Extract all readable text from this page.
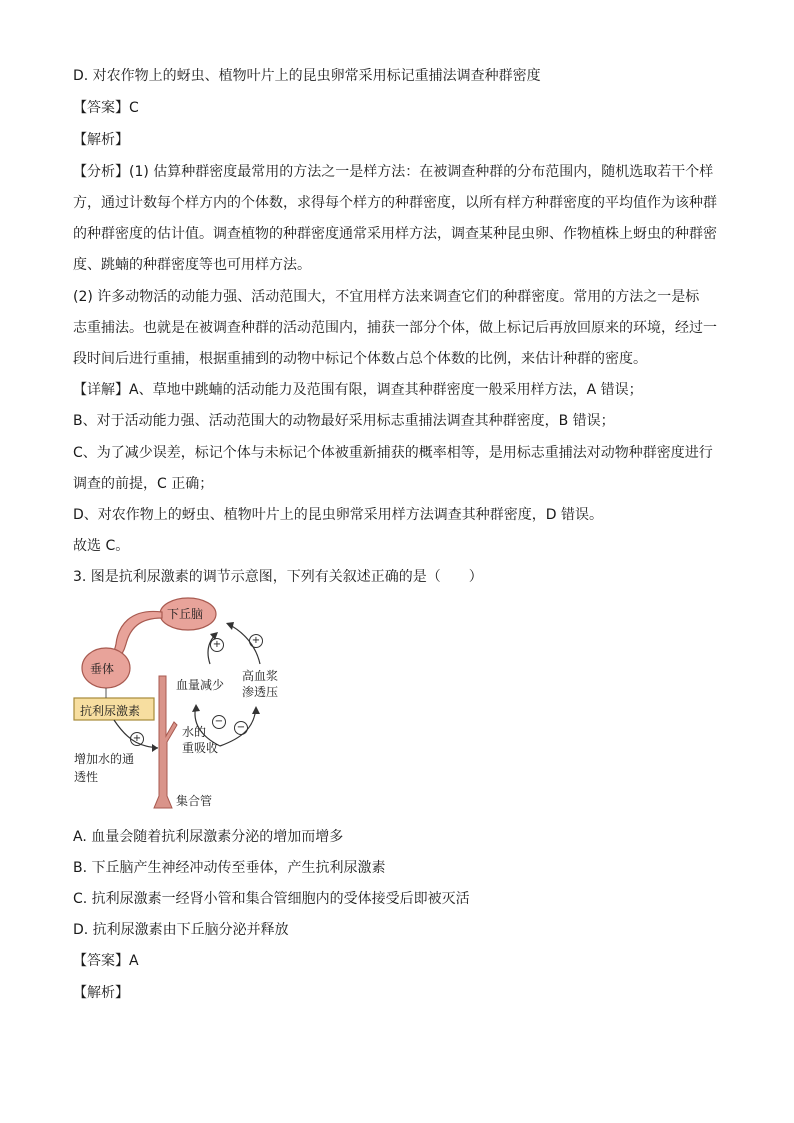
D. 对农作物上的蚜虫、植物叶片上的昆虫卵常采用标记重捕法调查种群密度
【答案】C
【解析】
【分析】(1) 估算种群密度最常用的方法之一是样方法：在被调查种群的分布范围内，随机选取若干个样
方，通过计数每个样方内的个体数，求得每个样方的种群密度，以所有样方种群密度的平均值作为该种群
的种群密度的估计值。调查植物的种群密度通常采用样方法，调查某种昆虫卵、作物植株上蚜虫的种群密
度、跳蝻的种群密度等也可用样方法。
(2) 许多动物活的动能力强、活动范围大，不宜用样方法来调查它们的种群密度。常用的方法之一是标
志重捕法。也就是在被调查种群的活动范围内，捕获一部分个体，做上标记后再放回原来的环境，经过一
段时间后进行重捕，根据重捕到的动物中标记个体数占总个体数的比例，来估计种群的密度。
【详解】A、草地中跳蝻的活动能力及范围有限，调查其种群密度一般采用样方法，A 错误；
B、对于活动能力强、活动范围大的动物最好采用标志重捕法调查其种群密度，B 错误；
C、为了减少误差，标记个体与未标记个体被重新捕获的概率相等，是用标志重捕法对动物种群密度进行
调查的前提，C 正确；
D、对农作物上的蚜虫、植物叶片上的昆虫卵常采用样方法调查其种群密度，D 错误。
故选 C。
3. 图是抗利尿激素的调节示意图，下列有关叙述正确的是（　　）
下丘脑
垂体
抗利尿激素
血量减少
高血浆
渗透压
水的
重吸收
增加水的通
透性
集合管
+	+
+
−
−
A. 血量会随着抗利尿激素分泌的增加而增多
B. 下丘脑产生神经冲动传至垂体，产生抗利尿激素
C. 抗利尿激素一经肾小管和集合管细胞内的受体接受后即被灭活
D. 抗利尿激素由下丘脑分泌并释放
【答案】A
【解析】
